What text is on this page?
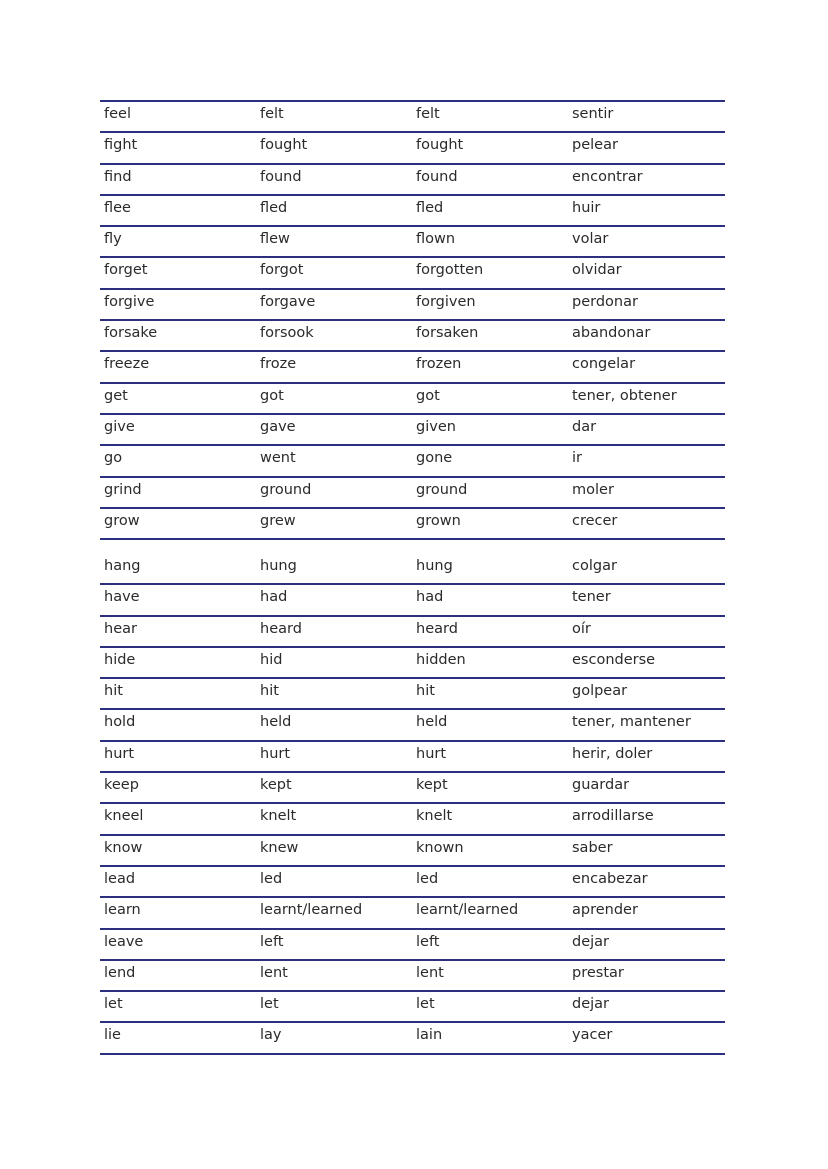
feel	felt	felt	sentir
fight	fought	fought	pelear
find	found	found	encontrar
flee	fled	fled	huir
fly	flew	flown	volar
forget	forgot	forgotten	olvidar
forgive	forgave	forgiven	perdonar
forsake	forsook	forsaken	abandonar
freeze	froze	frozen	congelar
get	got	got	tener, obtener
give	gave	given	dar
go	went	gone	ir
grind	ground	ground	moler
grow	grew	grown	crecer
hang	hung	hung	colgar
have	had	had	tener
hear	heard	heard	oír
hide	hid	hidden	esconderse
hit	hit	hit	golpear
hold	held	held	tener, mantener
hurt	hurt	hurt	herir, doler
keep	kept	kept	guardar
kneel	knelt	knelt	arrodillarse
know	knew	known	saber
lead	led	led	encabezar
learn	learnt/learned	learnt/learned	aprender
leave	left	left	dejar
lend	lent	lent	prestar
let	let	let	dejar
lie	lay	lain	yacer
